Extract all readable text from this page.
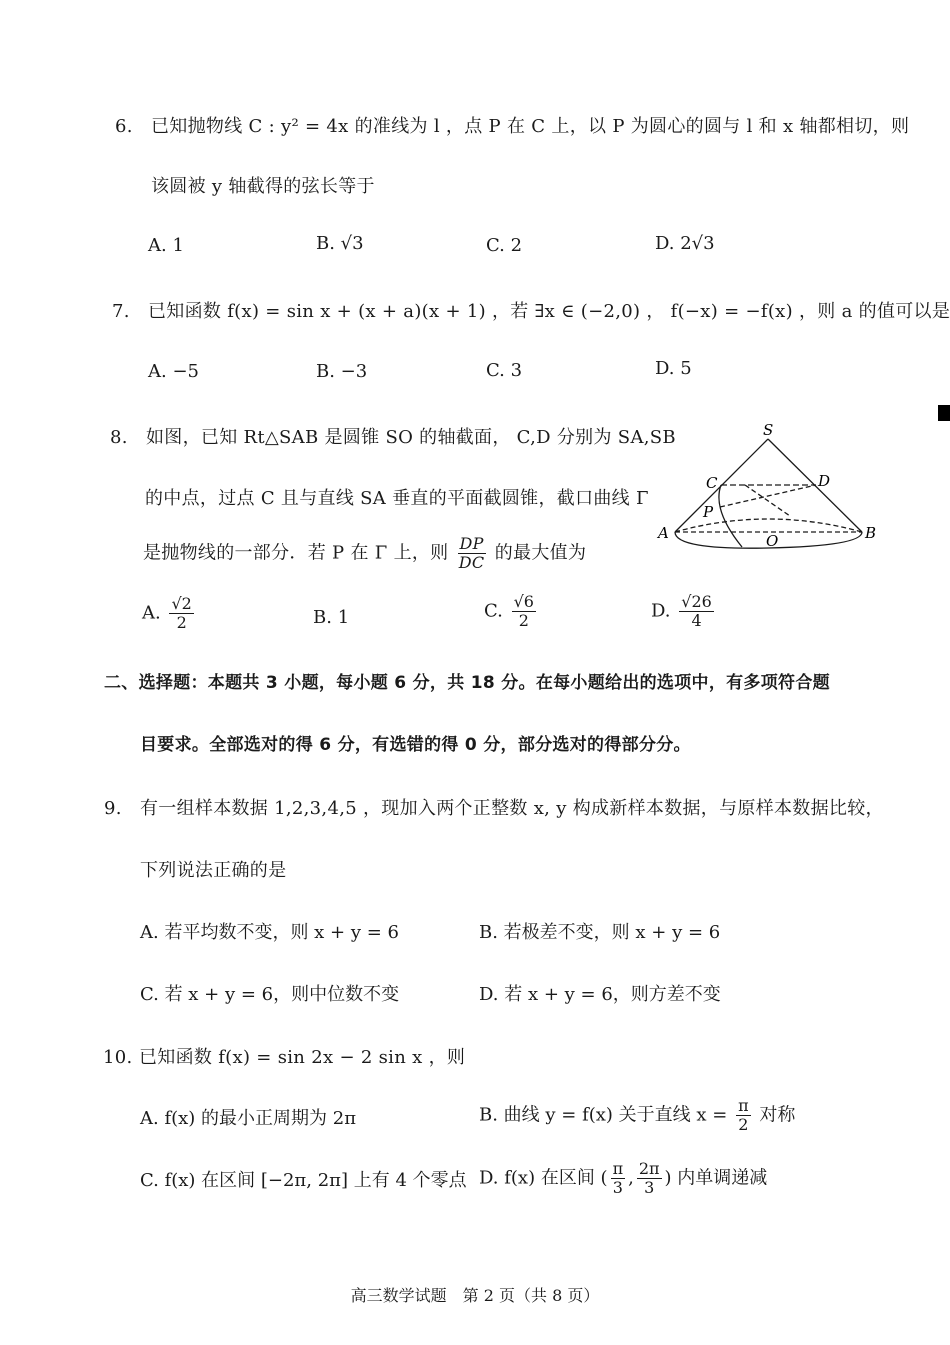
6. 已知抛物线 C : y² = 4x 的准线为 l ，点 P 在 C 上，以 P 为圆心的圆与 l 和 x 轴都相切，则
该圆被 y 轴截得的弦长等于
A. 1	B. √3	C. 2	D. 2√3
7. 已知函数 f(x) = sin x + (x + a)(x + 1) ，若 ∃x ∈ (−2,0) ， f(−x) = −f(x) ，则 a 的值可以是
A. −5	B. −3	C. 3	D. 5
8. 如图，已知 Rt△SAB 是圆锥 SO 的轴截面， C,D 分别为 SA,SB
的中点，过点 C 且与直线 SA 垂直的平面截圆锥，截口曲线 Γ
是抛物线的一部分．若 P 在 Γ 上，则 $\frac{DP}{DC}$ 的最大值为
A. $\frac{√2}{2}$	B. 1	C. $\frac{√6}{2}$	D. $\frac{√26}{4}$
S
C	D
P
A	O	B
二、选择题：本题共 3 小题，每小题 6 分，共 18 分。在每小题给出的选项中，有多项符合题
目要求。全部选对的得 6 分，有选错的得 0 分，部分选对的得部分分。
9. 有一组样本数据 1,2,3,4,5 ，现加入两个正整数 x, y 构成新样本数据，与原样本数据比较，
下列说法正确的是
A. 若平均数不变，则 x + y = 6	B. 若极差不变，则 x + y = 6
C. 若 x + y = 6，则中位数不变	D. 若 x + y = 6，则方差不变
10. 已知函数 f(x) = sin 2x − 2 sin x ，则
A. f(x) 的最小正周期为 2π	B. 曲线 y = f(x) 关于直线 $x = \frac{\pi}{2}$ 对称
C. f(x) 在区间 [−2π, 2π] 上有 4 个零点 D. f(x) 在区间 ( $\frac{\pi}{3}$ , $\frac{2\pi}{3}$ ) 内单调递减
高三数学试题　第 2 页（共 8 页）
